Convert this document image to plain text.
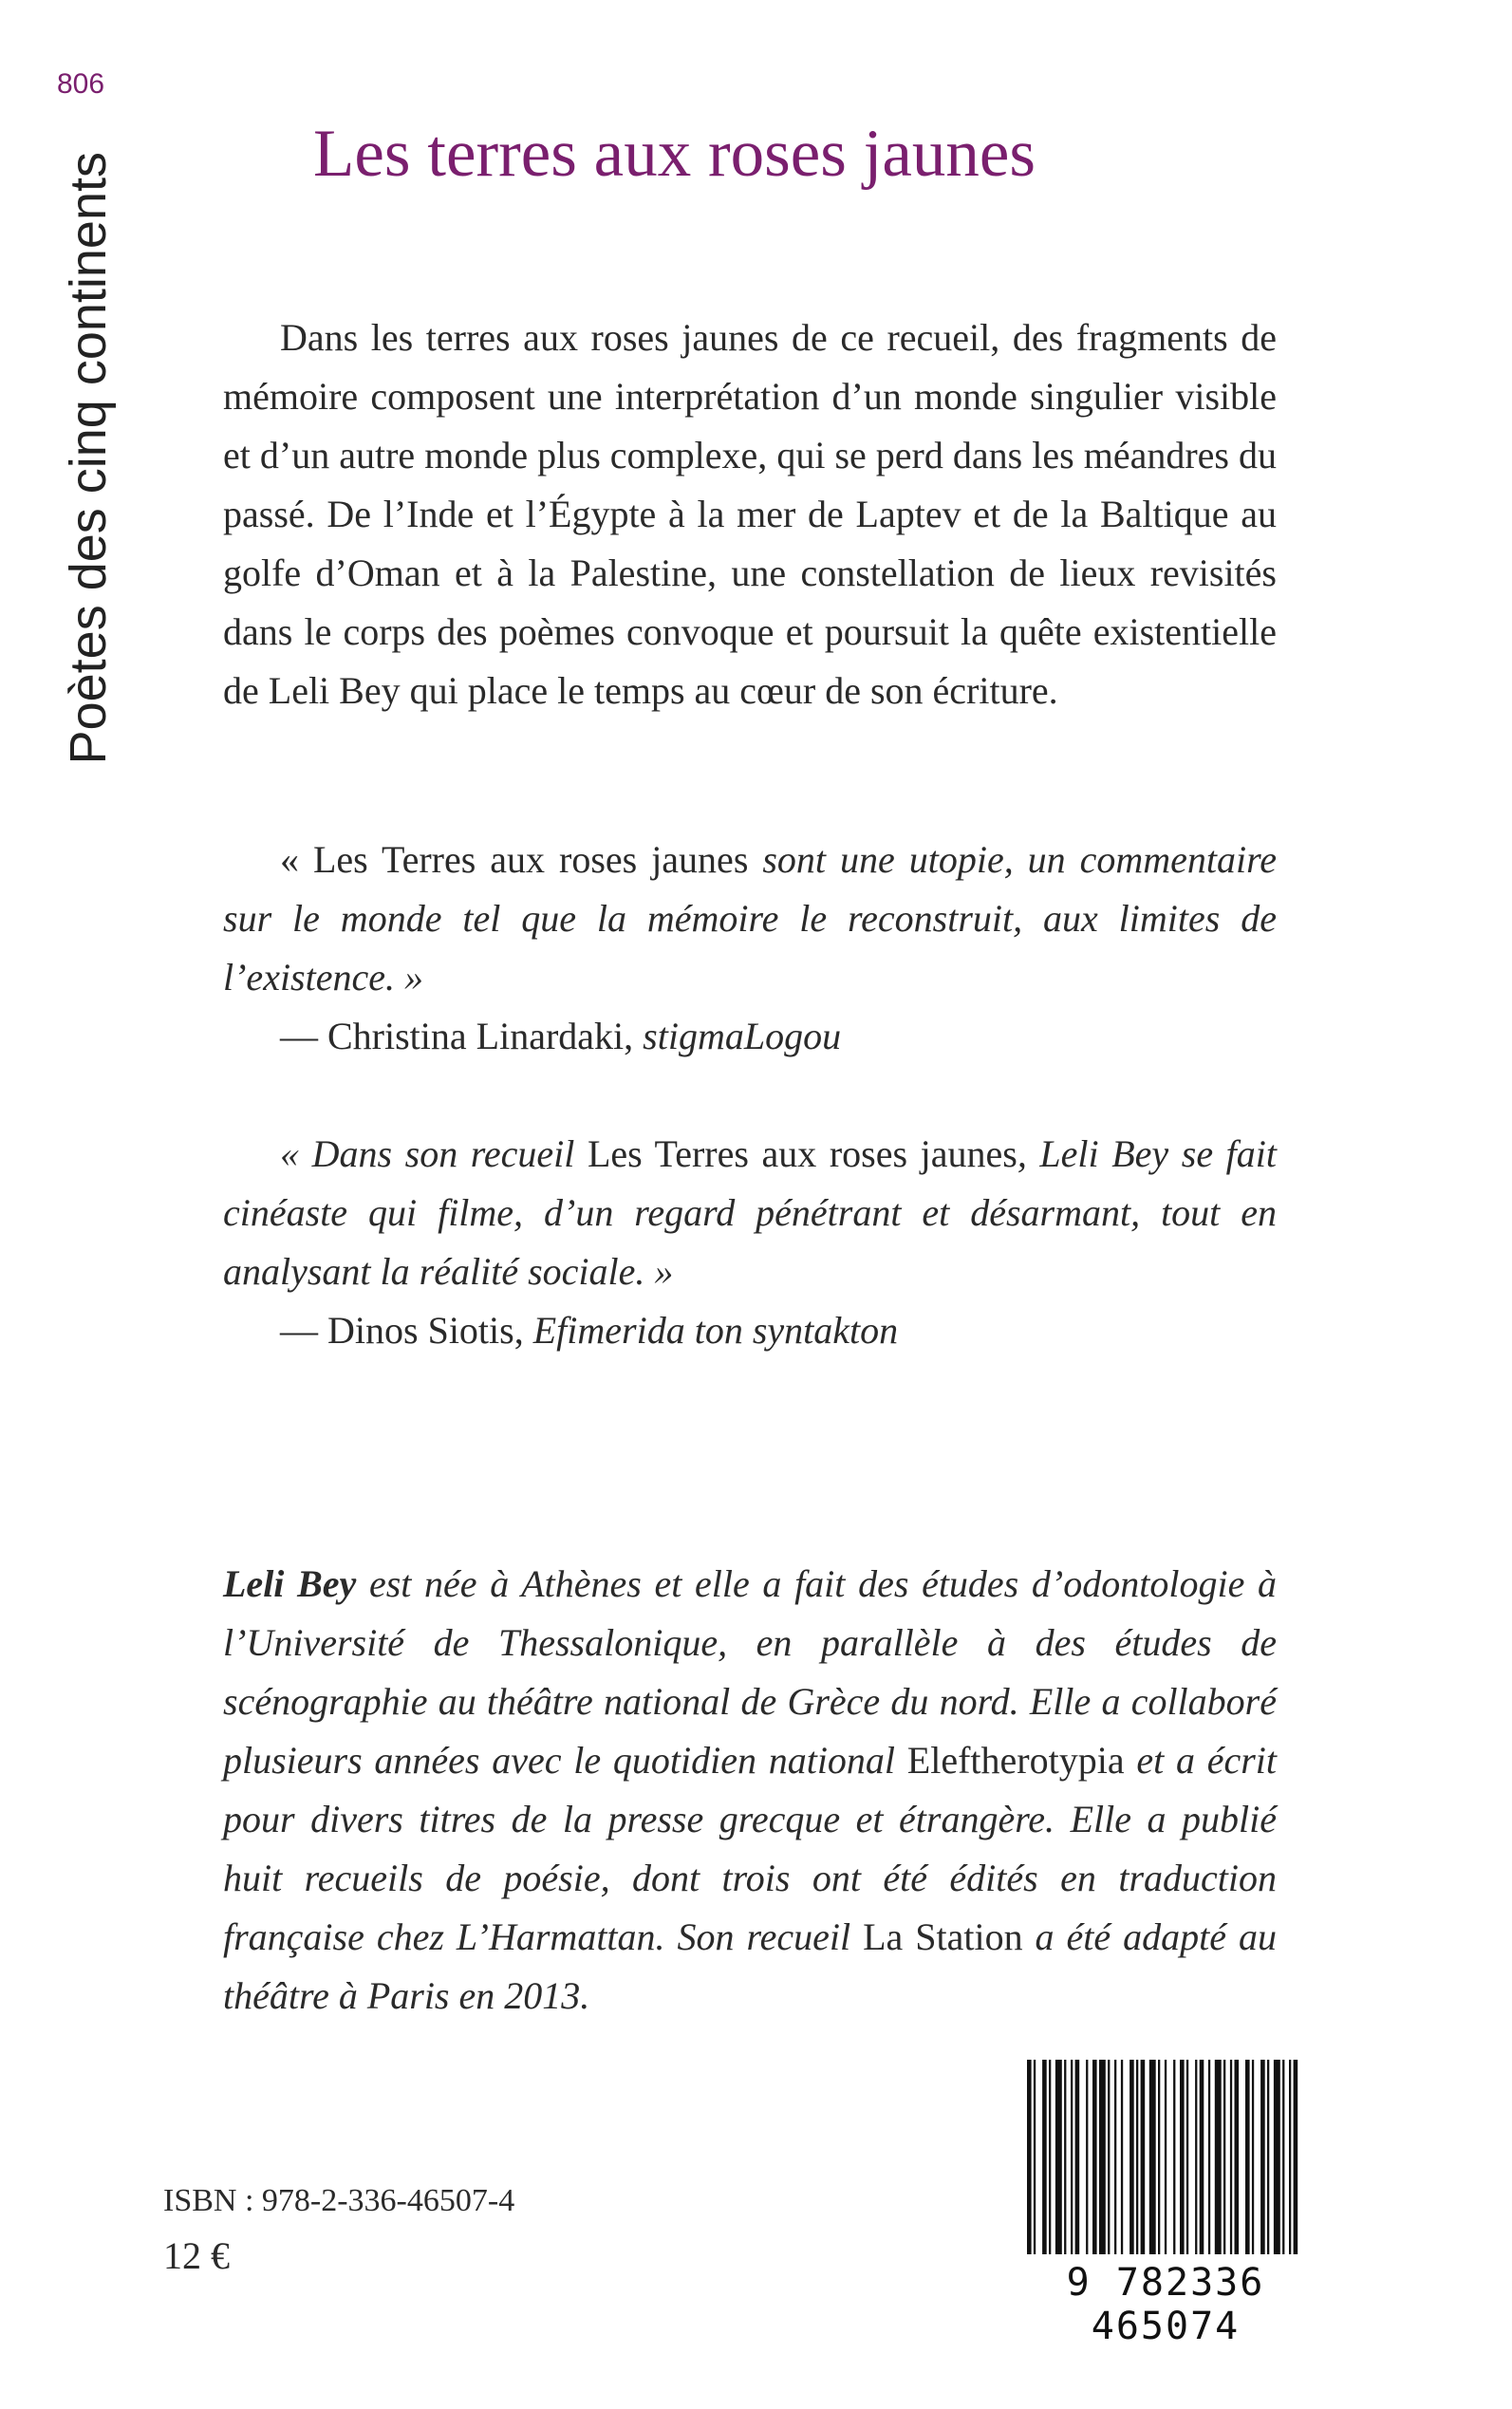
806
Poètes des cinq continents	Les terres aux roses jaunes

Dans les terres aux roses jaunes de ce recueil, des fragments de mémoire composent une interprétation d’un monde singulier visible et d’un autre monde plus complexe, qui se perd dans les méandres du passé. De l’Inde et l’Égypte à la mer de Laptev et de la Baltique au golfe d’Oman et à la Palestine, une constellation de lieux revisités dans le corps des poèmes convoque et poursuit la quête existentielle de Leli Bey qui place le temps au cœur de son écriture.

« Les Terres aux roses jaunes sont une utopie, un commentaire sur le monde tel que la mémoire le reconstruit, aux limites de l’existence. »

— Christina Linardaki, stigmaLogou

« Dans son recueil Les Terres aux roses jaunes, Leli Bey se fait cinéaste qui filme, d’un regard pénétrant et désarmant, tout en analysant la réalité sociale. »

— Dinos Siotis, Efimerida ton syntakton

Leli Bey est née à Athènes et elle a fait des études d’odontologie à l’Université de Thessalonique, en parallèle à des études de scénographie au théâtre national de Grèce du nord. Elle a collaboré plusieurs années avec le quotidien national Eleftherotypia et a écrit pour divers titres de la presse grecque et étrangère. Elle a publié huit recueils de poésie, dont trois ont été édités en traduction française chez L’Harmattan. Son recueil La Station a été adapté au théâtre à Paris en 2013.

ISBN : 978-2-336-46507-4
12 €
9 782336 465074
